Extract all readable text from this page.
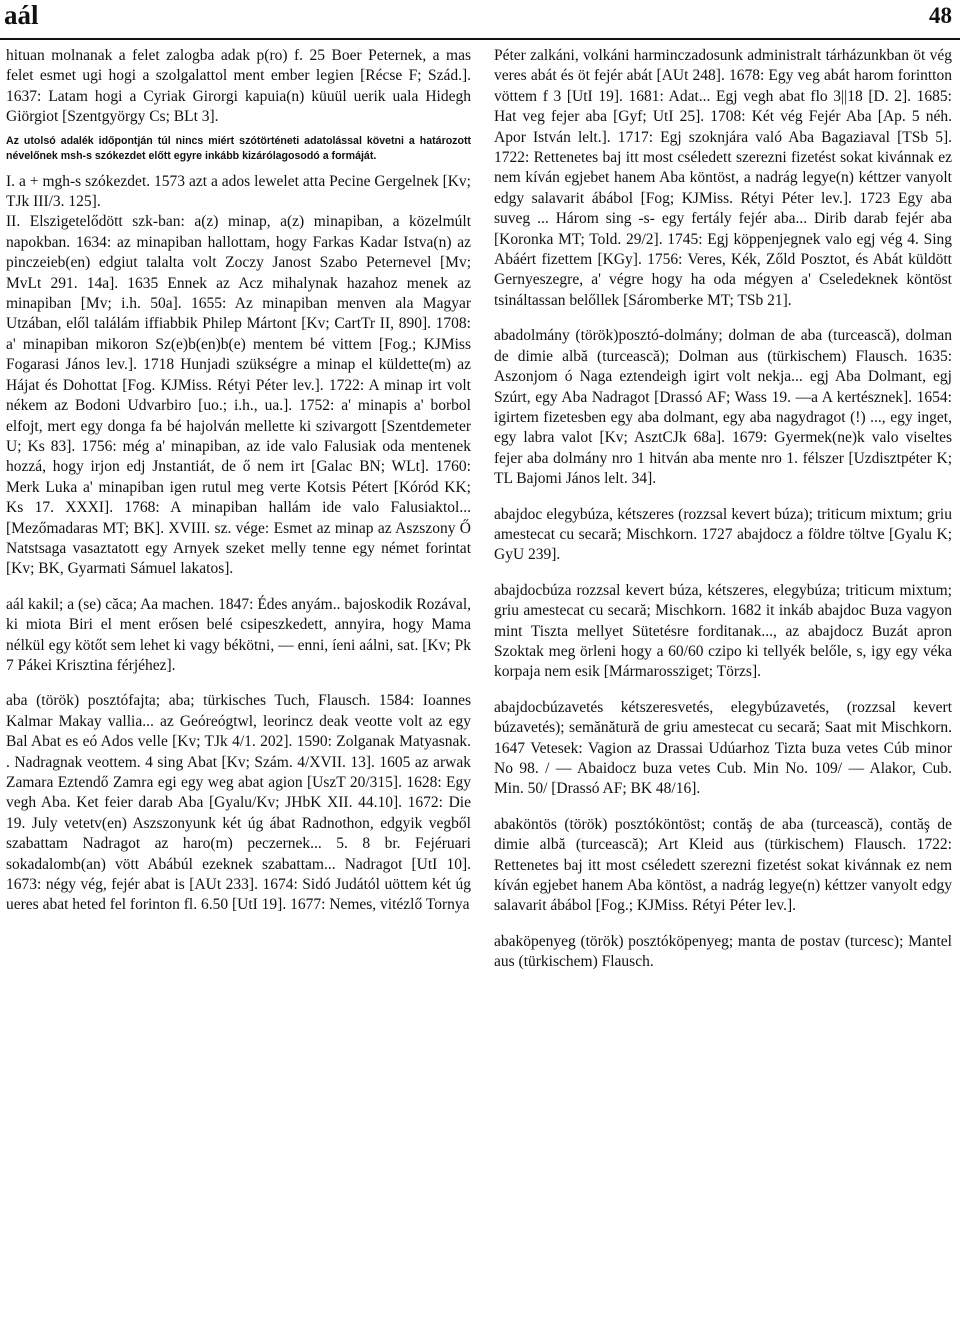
aál	48
hituan molnanak a felet zalogba adak p(ro) f. 25 Boer Peternek, a mas felet esmet ugi hogi a szolgalattol ment ember legien [Récse F; Szád.]. 1637: Latam hogi a Cyriak Girorgi kapuia(n) küuül uerik uala Hidegh Giörgiot [Szentgyörgy Cs; BLt 3].
Az utolsó adalék időpontján túl nincs miért szótörténeti adatolással követni a határozott névelőnek msh-s szókezdet előtt egyre inkább kizárólagosodó a formáját.
I. a + mgh-s szókezdet. 1573 azt a ados lewelet atta Pecine Gergelnek [Kv; TJk III/3. 125].
II. Elszigetelődött szk-ban: a(z) minap, a(z) minapiban, a közelmúlt napokban. 1634: az minapiban hallottam, hogy Farkas Kadar Istva(n) az pinczeieb(en) edgiut talalta volt Zoczy Janost Szabo Peternevel [Mv; MvLt 291. 14a]. 1635 Ennek az Acz mihalynak hazahoz menek az minapiban [Mv; i.h. 50a]. 1655: Az minapiban menven ala Magyar Utzában, elől találám iffiabbik Philep Mártont [Kv; CartTr II, 890]. 1708: a' minapiban mikoron Sz(e)b(en)b(e) mentem bé vittem [Fog.; KJMiss Fogarasi János lev.]. 1718 Hunjadi szükségre a minap el küldette(m) az Hájat és Dohottat [Fog. KJMiss. Rétyi Péter lev.]. 1722: A minap irt volt nékem az Bodoni Udvarbiro [uo.; i.h., ua.]. 1752: a' minapis a' borbol elfojt, mert egy donga fa bé hajolván mellette ki szivargott [Szentdemeter U; Ks 83]. 1756: még a' minapiban, az ide valo Falusiak oda mentenek hozzá, hogy irjon edj Jnstantiát, de ő nem irt [Galac BN; WLt]. 1760: Merk Luka a' minapiban igen rutul meg verte Kotsis Pétert [Kóród KK; Ks 17. XXXI]. 1768: A minapiban hallám ide valo Falusiaktol... [Mezőmadaras MT; BK]. XVIII. sz. vége: Esmet az minap az Aszszony Ő Natstsaga vasaztatott egy Arnyek szeket melly tenne egy német forintat [Kv; BK, Gyarmati Sámuel lakatos].
aál kakil; a (se) căca; Aa machen. 1847: Édes anyám.. bajoskodik Rozával, ki miota Biri el ment erősen belé csipeszkedett, annyira, hogy Mama nélkül egy kötőt sem lehet ki vagy békötni, — enni, íeni aálni, sat. [Kv; Pk 7 Pákei Krisztina férjéhez].
aba (török) posztófajta; aba; türkisches Tuch, Flausch. 1584: Ioannes Kalmar Makay vallia... az Geóreógtwl, leorincz deak veotte volt az egy Bal Abat es eó Ados velle [Kv; TJk 4/1. 202]. 1590: Zolganak Matyasnak. . Nadragnak veottem. 4 sing Abat [Kv; Szám. 4/XVII. 13]. 1605 az arwak Zamara Eztendő Zamra egi egy weg abat agion [UszT 20/315]. 1628: Egy vegh Aba. Ket feier darab Aba [Gyalu/Kv; JHbK XII. 44.10]. 1672: Die 19. July vetetv(en) Aszszonyunk két úg ábat Radnothon, edgyik vegből szabattam Nadragot az haro(m) peczernek... 5. 8 br. Fejéruari sokadalomb(an) vött Abábúl ezeknek szabattam... Nadragot [UtI 10]. 1673: négy vég, fejér abat is [AUt 233]. 1674: Sidó Judától uöttem két úg ueres abat heted fel forinton fl. 6.50 [UtI 19]. 1677: Nemes, vitézlő Tornya
Péter zalkáni, volkáni harminczadosunk administralt tárházunkban öt vég veres abát és öt fejér abát [AUt 248]. 1678: Egy veg abát harom forintton vöttem f 3 [UtI 19]. 1681: Adat... Egj vegh abat flo 3||18 [D. 2]. 1685: Hat veg fejer aba [Gyf; UtI 25]. 1708: Két vég Fejér Aba [Ap. 5 néh. Apor István lelt.]. 1717: Egj szoknjára való Aba Bagaziaval [TSb 5]. 1722: Rettenetes baj itt most cséledett szerezni fizetést sokat kivánnak ez nem kíván egjebet hanem Aba köntöst, a nadrág legye(n) kéttzer vanyolt edgy salavarit ábábol [Fog; KJMiss. Rétyi Péter lev.]. 1723 Egy aba suveg ... Három sing -s- egy fertály fejér aba... Dirib darab fejér aba [Koronka MT; Told. 29/2]. 1745: Egj köppenjegnek valo egj vég 4. Sing Abáért fizettem [KGy]. 1756: Veres, Kék, Zőld Posztot, és Abát küldött Gernyeszegre, a' végre hogy ha oda mégyen a' Cseledeknek köntöst tsináltassan belőllek [Sáromberke MT; TSb 21].
abadolmány (török)posztó-dolmány; dolman de aba (turcească), dolman de dimie albă (turcească); Dolman aus (türkischem) Flausch. 1635: Aszonjom ó Naga eztendeigh igirt volt nekja... egj Aba Dolmant, egj Szúrt, egy Aba Nadragot [Drassó AF; Wass 19. —a A kertésznek]. 1654: igirtem fizetesben egy aba dolmant, egy aba nagydragot (!) ..., egy inget, egy labra valot [Kv; AsztCJk 68a]. 1679: Gyermek(ne)k valo viseltes fejer aba dolmány nro 1 hitván aba mente nro 1. félszer [Uzdisztpéter K; TL Bajomi János lelt. 34].
abajdoc elegybúza, kétszeres (rozzsal kevert búza); triticum mixtum; griu amestecat cu secară; Mischkorn. 1727 abajdocz a földre töltve [Gyalu K; GyU 239].
abajdocbúza rozzsal kevert búza, kétszeres, elegybúza; triticum mixtum; griu amestecat cu secară; Mischkorn. 1682 it inkáb abajdoc Buza vagyon mint Tiszta mellyet Sütetésre forditanak..., az abajdocz Buzát apron Szoktak meg örleni hogy a 60/60 czipo ki tellyék belőle, s, igy egy véka korpaja nem esik [Mármarossziget; Törzs].
abajdocbúzavetés kétszeresvetés, elegybúzavetés, (rozzsal kevert búzavetés); semănătură de griu amestecat cu secară; Saat mit Mischkorn. 1647 Vetesek: Vagion az Drassai Udúarhoz Tizta buza vetes Cúb minor No 98. / — Abaidocz buza vetes Cub. Min No. 109/ — Alakor, Cub. Min. 50/ [Drassó AF; BK 48/16].
abaköntös (török) posztóköntöst; contăş de aba (turcească), contăş de dimie albă (turcească); Art Kleid aus (türkischem) Flausch. 1722: Rettenetes baj itt most cséledett szerezni fizetést sokat kivánnak ez nem kíván egjebet hanem Aba köntöst, a nadrág legye(n) kéttzer vanyolt edgy salavarit ábábol [Fog.; KJMiss. Rétyi Péter lev.].
abaköpenyeg (török) posztóköpenyeg; manta de postav (turcesc); Mantel aus (türkischem) Flausch.
